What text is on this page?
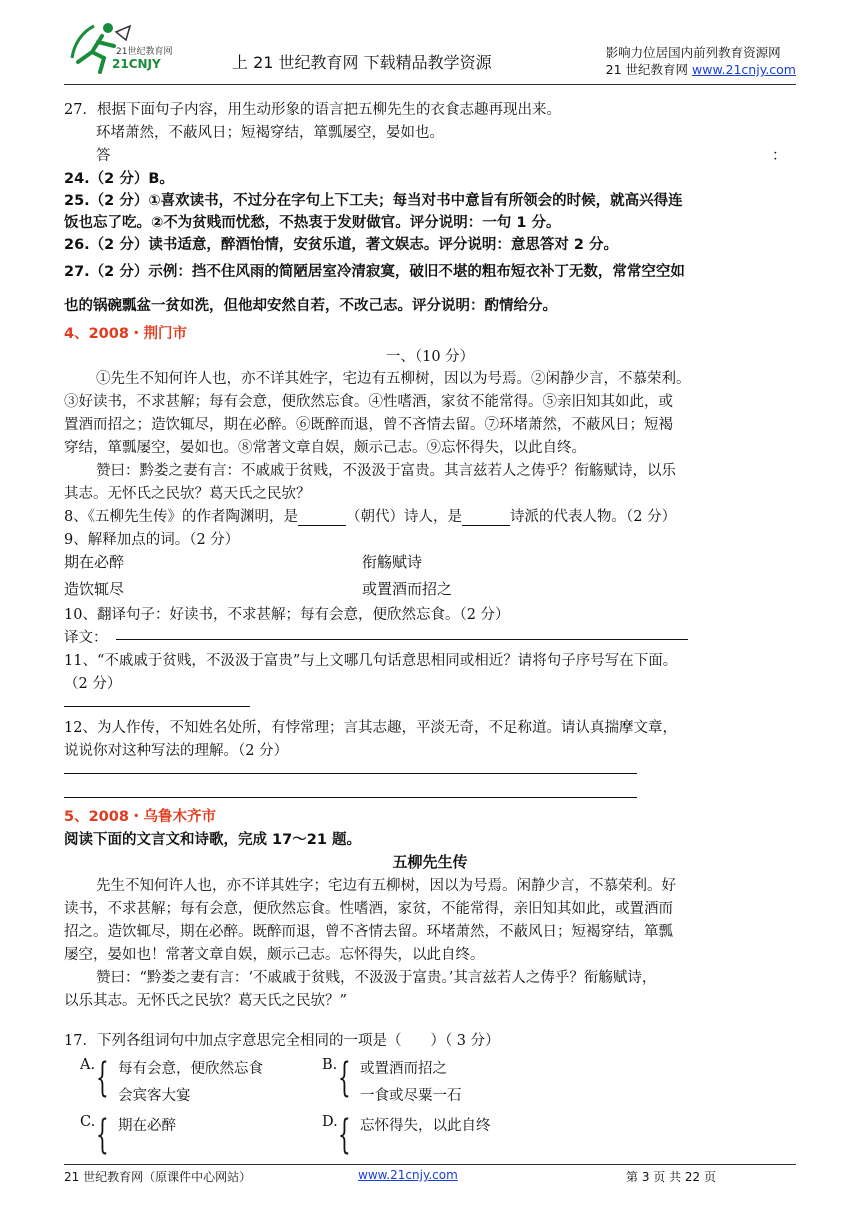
21世纪教育网
21CNJY	上 21 世纪教育网 下载精品教学资源
影响力位居国内前列教育资源网
21 世纪教育网 www.21cnjy.com
27．根据下面句子内容，用生动形象的语言把五柳先生的衣食志趣再现出来。
环堵萧然，不蔽风日；短褐穿结，箪瓢屡空，晏如也。
答	：
24.（2 分）B。
25.（2 分）①喜欢读书，不过分在字句上下工夫；每当对书中意旨有所领会的时候，就高兴得连
饭也忘了吃。②不为贫贱而忧愁，不热衷于发财做官。评分说明：一句 1 分。
26.（2 分）读书适意，醉酒怡情，安贫乐道，著文娱志。评分说明：意思答对 2 分。
27.（2 分）示例：挡不住风雨的简陋居室冷清寂寞，破旧不堪的粗布短衣补丁无数，常常空空如
也的锅碗瓢盆一贫如洗，但他却安然自若，不改己志。评分说明：酌情给分。
4、2008・荆门市
一、（10 分）
①先生不知何许人也，亦不详其姓字，宅边有五柳树，因以为号焉。②闲静少言，不慕荣利。
③好读书，不求甚解；每有会意，便欣然忘食。④性嗜酒，家贫不能常得。⑤亲旧知其如此，或
置酒而招之；造饮辄尽，期在必醉。⑥既醉而退，曾不吝情去留。⑦环堵萧然，不蔽风日；短褐
穿结，箪瓢屡空，晏如也。⑧常著文章自娱，颇示己志。⑨忘怀得失，以此自终。
赞曰：黔娄之妻有言：不戚戚于贫贱，不汲汲于富贵。其言兹若人之俦乎？衔觞赋诗，以乐
其志。无怀氏之民欤？葛天氏之民欤？
8、《五柳先生传》的作者陶渊明，是	（朝代）诗人，是	诗派的代表人物。（2 分）
9、解释加点的词。（2 分）
期在必醉	衔觞赋诗
造饮辄尽	或置酒而招之
10、翻译句子：好读书，不求甚解；每有会意，便欣然忘食。（2 分）
译文：
11、“不戚戚于贫贱，不汲汲于富贵”与上文哪几句话意思相同或相近？请将句子序号写在下面。
（2 分）
12、为人作传，不知姓名处所，有悖常理；言其志趣，平淡无奇，不足称道。请认真揣摩文章，
说说你对这种写法的理解。（2 分）
5、2008・乌鲁木齐市
阅读下面的文言文和诗歌，完成 17～21 题。
五柳先生传
先生不知何许人也，亦不详其姓字；宅边有五柳树，因以为号焉。闲静少言，不慕荣利。好
读书，不求甚解；每有会意，便欣然忘食。性嗜酒，家贫，不能常得，亲旧知其如此，或置酒而
招之。造饮辄尽，期在必醉。既醉而退，曾不吝情去留。环堵萧然，不蔽风日；短褐穿结，箪瓢
屡空，晏如也！常著文章自娱，颇示己志。忘怀得失，以此自终。
赞曰：“黔娄之妻有言：‘不戚戚于贫贱，不汲汲于富贵。’其言兹若人之俦乎？衔觞赋诗，
以乐其志。无怀氏之民欤？葛天氏之民欤？”
17．下列各组词句中加点字意思完全相同的一项是（　　）（ 3 分）
A. { 每有会意，便欣然忘食
会宾客大宴
B. { 或置酒而招之
一食或尽粟一石
C. { 期在必醉	D. { 忘怀得失，以此自终
21 世纪教育网（原课件中心网站）	www.21cnjy.com	第 3 页 共 22 页
